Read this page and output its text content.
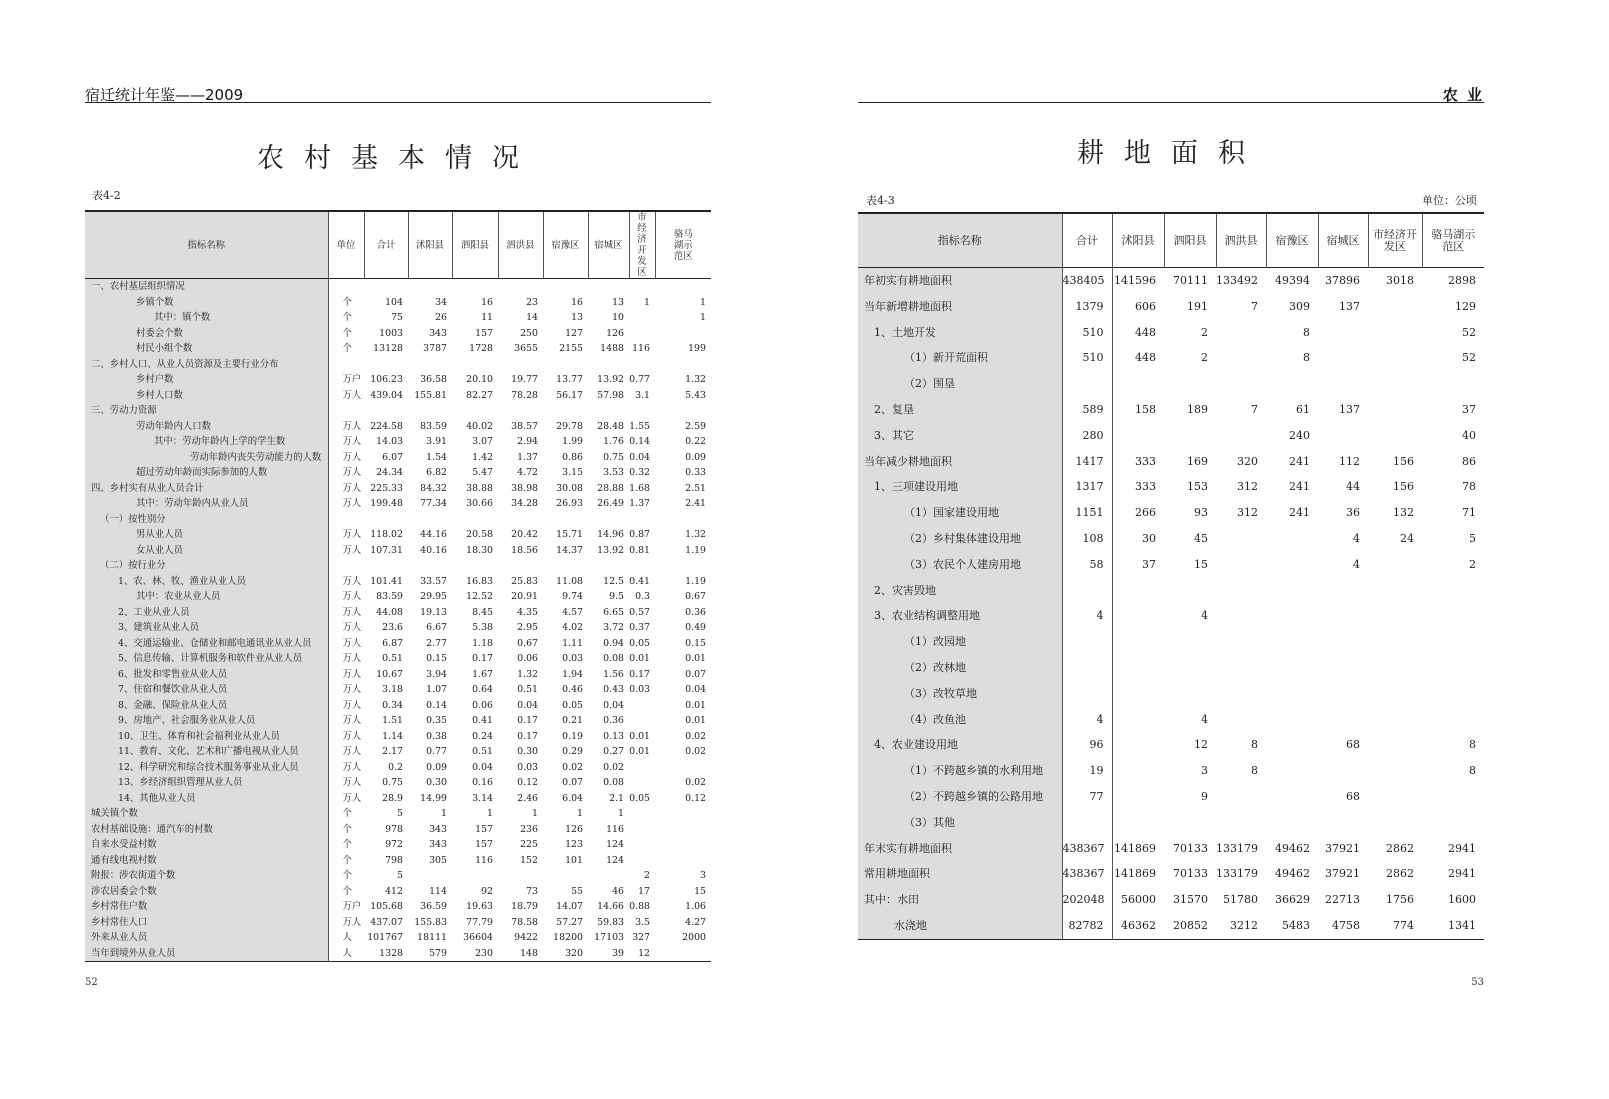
宿迁统计年鉴——2009
农村基本情况
表4-2
指标名称	单位	合计	沭阳县	泗阳县	泗洪县	宿豫区	宿城区	市经济开发区	骆马湖示范区
一、农村基层组织情况									
乡镇个数	个	104	34	16	23	16	13	1	1
其中：镇个数	个	75	26	11	14	13	10		1
村委会个数	个	1003	343	157	250	127	126		
村民小组个数	个	13128	3787	1728	3655	2155	1488	116	199
二、乡村人口、从业人员资源及主要行业分布									
乡村户数	万户	106.23	36.58	20.10	19.77	13.77	13.92	0.77	1.32
乡村人口数	万人	439.04	155.81	82.27	78.28	56.17	57.98	3.1	5.43
三、劳动力资源									
劳动年龄内人口数	万人	224.58	83.59	40.02	38.57	29.78	28.48	1.55	2.59
其中：劳动年龄内上学的学生数	万人	14.03	3.91	3.07	2.94	1.99	1.76	0.14	0.22
劳动年龄内丧失劳动能力的人数	万人	6.07	1.54	1.42	1.37	0.86	0.75	0.04	0.09
超过劳动年龄而实际参加的人数	万人	24.34	6.82	5.47	4.72	3.15	3.53	0.32	0.33
四、乡村实有从业人员合计	万人	225.33	84.32	38.88	38.98	30.08	28.88	1.68	2.51
其中：劳动年龄内从业人员	万人	199.48	77.34	30.66	34.28	26.93	26.49	1.37	2.41
（一）按性别分									
男从业人员	万人	118.02	44.16	20.58	20.42	15.71	14.96	0.87	1.32
女从业人员	万人	107.31	40.16	18.30	18.56	14.37	13.92	0.81	1.19
（二）按行业分									
1、农、林、牧、渔业从业人员	万人	101.41	33.57	16.83	25.83	11.08	12.5	0.41	1.19
其中：农业从业人员	万人	83.59	29.95	12.52	20.91	9.74	9.5	0.3	0.67
2、工业从业人员	万人	44.08	19.13	8.45	4.35	4.57	6.65	0.57	0.36
3、建筑业从业人员	万人	23.6	6.67	5.38	2.95	4.02	3.72	0.37	0.49
4、交通运输业、仓储业和邮电通讯业从业人员	万人	6.87	2.77	1.18	0.67	1.11	0.94	0.05	0.15
5、信息传输、计算机服务和软件业从业人员	万人	0.51	0.15	0.17	0.06	0.03	0.08	0.01	0.01
6、批发和零售业从业人员	万人	10.67	3.94	1.67	1.32	1.94	1.56	0.17	0.07
7、住宿和餐饮业从业人员	万人	3.18	1.07	0.64	0.51	0.46	0.43	0.03	0.04
8、金融、保险业从业人员	万人	0.34	0.14	0.06	0.04	0.05	0.04		0.01
9、房地产、社会服务业从业人员	万人	1.51	0.35	0.41	0.17	0.21	0.36		0.01
10、卫生、体育和社会福利业从业人员	万人	1.14	0.38	0.24	0.17	0.19	0.13	0.01	0.02
11、教育、文化、艺术和广播电视从业人员	万人	2.17	0.77	0.51	0.30	0.29	0.27	0.01	0.02
12、科学研究和综合技术服务事业从业人员	万人	0.2	0.09	0.04	0.03	0.02	0.02		
13、乡经济组织管理从业人员	万人	0.75	0.30	0.16	0.12	0.07	0.08		0.02
14、其他从业人员	万人	28.9	14.99	3.14	2.46	6.04	2.1	0.05	0.12
城关镇个数	个	5	1	1	1	1	1		
农村基础设施：通汽车的村数	个	978	343	157	236	126	116		
自来水受益村数	个	972	343	157	225	123	124		
通有线电视村数	个	798	305	116	152	101	124		
附报：涉农街道个数	个	5						2	3
涉农居委会个数	个	412	114	92	73	55	46	17	15
乡村常住户数	万户	105.68	36.59	19.63	18.79	14.07	14.66	0.88	1.06
乡村常住人口	万人	437.07	155.83	77.79	78.58	57.27	59.83	3.5	4.27
外来从业人员	人	101767	18111	36604	9422	18200	17103	327	2000
当年到境外从业人员	人	1328	579	230	148	320	39	12	
52
农 业
耕地面积
表4-3	单位：公顷
指标名称	合计	沭阳县	泗阳县	泗洪县	宿豫区	宿城区	市经济开发区	骆马湖示范区
年初实有耕地面积	438405	141596	70111	133492	49394	37896	3018	2898
当年新增耕地面积	1379	606	191	7	309	137		129
1、土地开发	510	448	2		8			52
（1）新开荒面积	510	448	2		8			52
（2）围垦								
2、复垦	589	158	189	7	61	137		37
3、其它	280				240			40
当年减少耕地面积	1417	333	169	320	241	112	156	86
1、三项建设用地	1317	333	153	312	241	44	156	78
（1）国家建设用地	1151	266	93	312	241	36	132	71
（2）乡村集体建设用地	108	30	45			4	24	5
（3）农民个人建房用地	58	37	15			4		2
2、灾害毁地								
3、农业结构调整用地	4		4					
（1）改园地								
（2）改林地								
（3）改牧草地								
（4）改鱼池	4		4					
4、农业建设用地	96		12	8		68		8
（1）不跨越乡镇的水利用地	19		3	8				8
（2）不跨越乡镇的公路用地	77		9			68		
（3）其他								
年末实有耕地面积	438367	141869	70133	133179	49462	37921	2862	2941
常用耕地面积	438367	141869	70133	133179	49462	37921	2862	2941
其中：水田	202048	56000	31570	51780	36629	22713	1756	1600
水浇地	82782	46362	20852	3212	5483	4758	774	1341
53
